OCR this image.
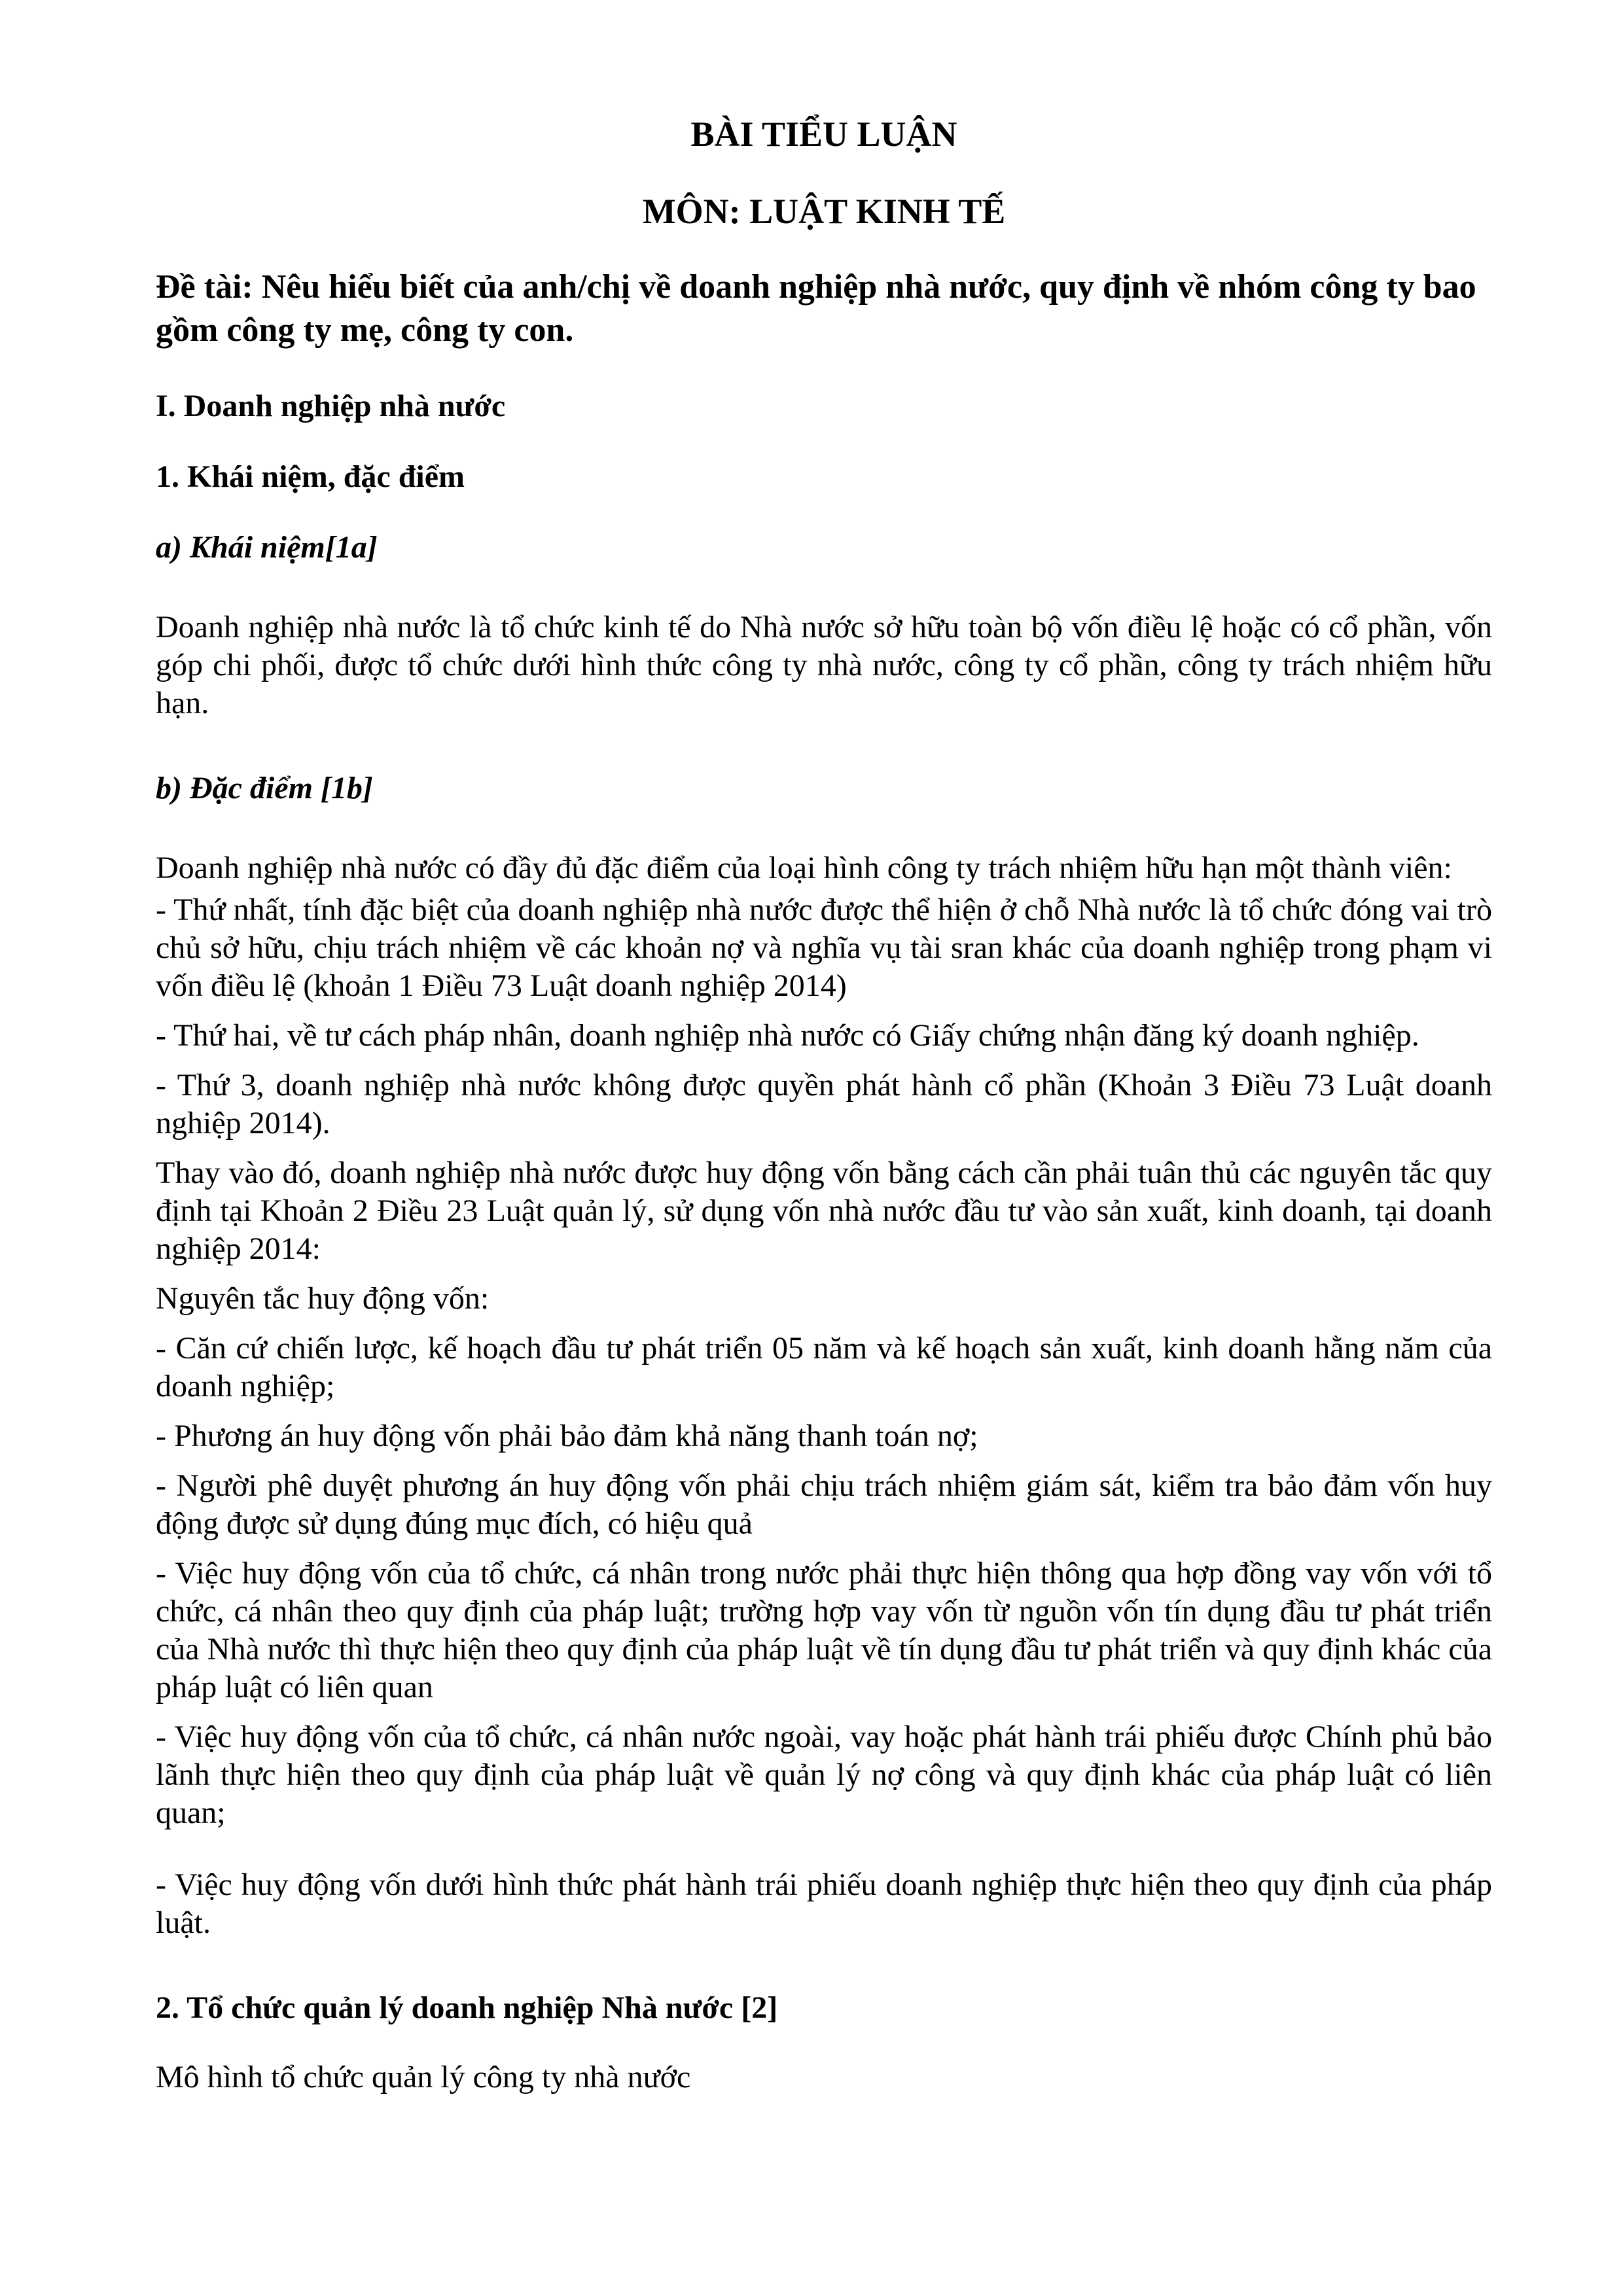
BÀI TIỂU LUẬN
MÔN: LUẬT KINH TẾ
Đề tài: Nêu hiểu biết của anh/chị về doanh nghiệp nhà nước, quy định về nhóm công ty bao gồm công ty mẹ, công ty con.
I. Doanh nghiệp nhà nước
1. Khái niệm, đặc điểm
a) Khái niệm[1a]
Doanh nghiệp nhà nước là tổ chức kinh tế do Nhà nước sở hữu toàn bộ vốn điều lệ hoặc có cổ phần, vốn góp chi phối, được tổ chức dưới hình thức công ty nhà nước, công ty cổ phần, công ty trách nhiệm hữu hạn.
b) Đặc điểm [1b]
Doanh nghiệp nhà nước có đầy đủ đặc điểm của loại hình công ty trách nhiệm hữu hạn một thành viên:
- Thứ nhất, tính đặc biệt của doanh nghiệp nhà nước được thể hiện ở chỗ Nhà nước là tổ chức đóng vai trò chủ sở hữu, chịu trách nhiệm về các khoản nợ và nghĩa vụ tài sran khác của doanh nghiệp trong phạm vi vốn điều lệ (khoản 1 Điều 73 Luật doanh nghiệp 2014)
- Thứ hai, về tư cách pháp nhân, doanh nghiệp nhà nước có Giấy chứng nhận đăng ký doanh nghiệp.
- Thứ 3, doanh nghiệp nhà nước không được quyền phát hành cổ phần (Khoản 3 Điều 73 Luật doanh nghiệp 2014).
Thay vào đó, doanh nghiệp nhà nước được huy động vốn bằng cách cần phải tuân thủ các nguyên tắc quy định tại Khoản 2 Điều 23 Luật quản lý, sử dụng vốn nhà nước đầu tư vào sản xuất, kinh doanh, tại doanh nghiệp 2014:
Nguyên tắc huy động vốn:
- Căn cứ chiến lược, kế hoạch đầu tư phát triển 05 năm và kế hoạch sản xuất, kinh doanh hằng năm của doanh nghiệp;
- Phương án huy động vốn phải bảo đảm khả năng thanh toán nợ;
- Người phê duyệt phương án huy động vốn phải chịu trách nhiệm giám sát, kiểm tra bảo đảm vốn huy động được sử dụng đúng mục đích, có hiệu quả
- Việc huy động vốn của tổ chức, cá nhân trong nước phải thực hiện thông qua hợp đồng vay vốn với tổ chức, cá nhân theo quy định của pháp luật; trường hợp vay vốn từ nguồn vốn tín dụng đầu tư phát triển của Nhà nước thì thực hiện theo quy định của pháp luật về tín dụng đầu tư phát triển và quy định khác của pháp luật có liên quan
- Việc huy động vốn của tổ chức, cá nhân nước ngoài, vay hoặc phát hành trái phiếu được Chính phủ bảo lãnh thực hiện theo quy định của pháp luật về quản lý nợ công và quy định khác của pháp luật có liên quan;
- Việc huy động vốn dưới hình thức phát hành trái phiếu doanh nghiệp thực hiện theo quy định của pháp luật.
2. Tổ chức quản lý doanh nghiệp Nhà nước [2]
Mô hình tổ chức quản lý công ty nhà nước
